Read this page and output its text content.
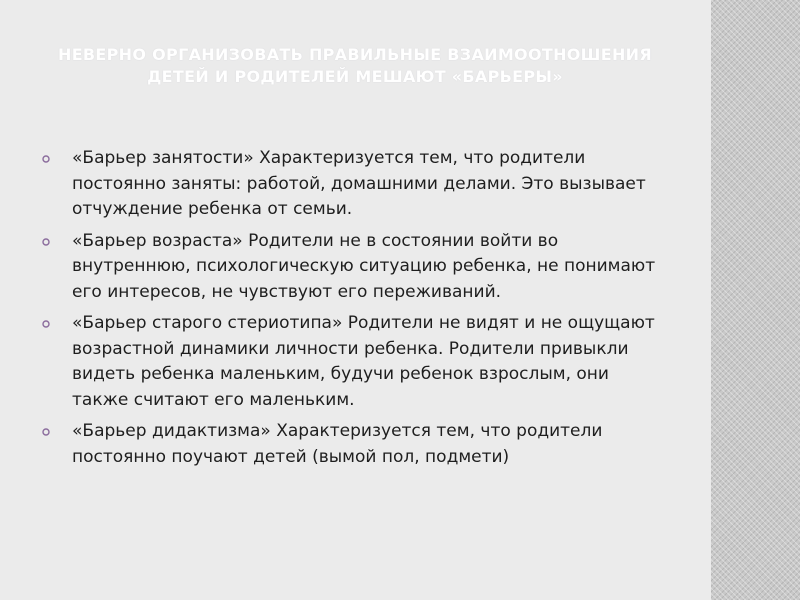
НЕВЕРНО ОРГАНИЗОВАТЬ ПРАВИЛЬНЫЕ ВЗАИМООТНОШЕНИЯ ДЕТЕЙ И РОДИТЕЛЕЙ МЕШАЮТ «БАРЬЕРЫ»
«Барьер занятости» Характеризуется тем, что родители постоянно заняты: работой, домашними делами. Это вызывает отчуждение ребенка от семьи.
«Барьер возраста» Родители не в состоянии войти во внутреннюю, психологическую ситуацию ребенка, не понимают его интересов, не чувствуют его переживаний.
«Барьер старого стериотипа» Родители не видят и не ощущают возрастной динамики личности ребенка. Родители привыкли видеть ребенка маленьким, будучи ребенок взрослым, они также считают его маленьким.
«Барьер дидактизма» Характеризуется тем, что родители постоянно поучают детей (вымой пол, подмети)
